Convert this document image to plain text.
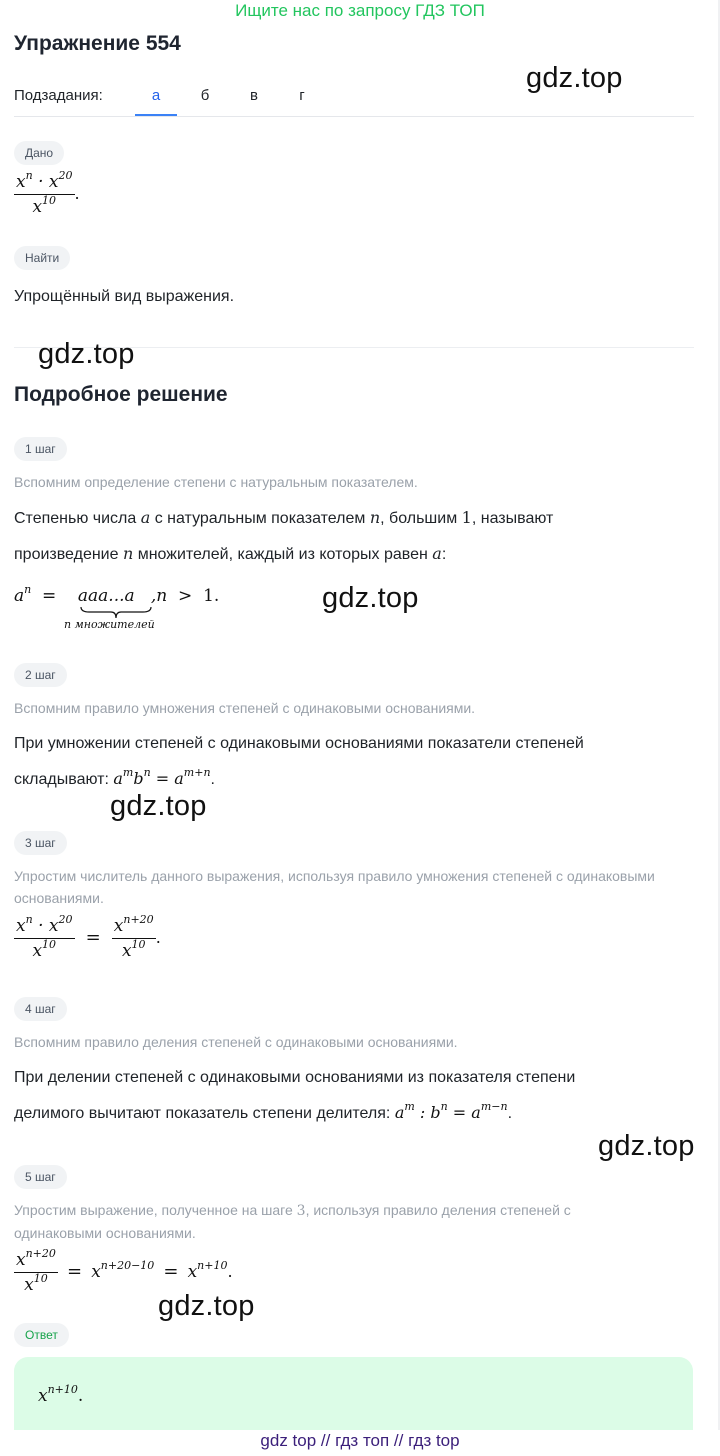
Ищите нас по запросу ГДЗ ТОП
Упражнение 554
gdz.top
Подзадания:	а	б	в	г
Дано
$\frac{x^n \cdot x^{20}}{x^{10}}$ .
Найти
Упрощённый вид выражения.
gdz.top
Подробное решение
1 шаг
Вспомним определение степени с натуральным показателем.
Степенью числа a с натуральным показателем n, большим 1, называют
произведение n множителей, каждый из которых равен a:
$a^n$  =    aaa...a   ,n  >  1.
n множителей
gdz.top
2 шаг
Вспомним правило умножения степеней с одинаковыми основаниями.
При умножении степеней с одинаковыми основаниями показатели степеней
складывают: $a^mb^n = a^{m+n}$.
gdz.top
3 шаг
Упростим числитель данного выражения, используя правило умножения степеней с одинаковыми основаниями.
$\frac{x^n \cdot x^{20}}{x^{10}} = \frac{x^{n+20}}{x^{10}}$ .
4 шаг
Вспомним правило деления степеней с одинаковыми основаниями.
При делении степеней с одинаковыми основаниями из показателя степени
делимого вычитают показатель степени делителя: $a^m$ : $b^n = a^{m-n}$.
gdz.top
5 шаг
Упростим выражение, полученное на шаге 3, используя правило деления степеней с
одинаковыми основаниями.
$\frac{x^{n+20}}{x^{10}} = x^{n+20-10} = x^{n+10}$.
gdz.top
Ответ
$x^{n+10}$.
gdz top // гдз топ // гдз top
